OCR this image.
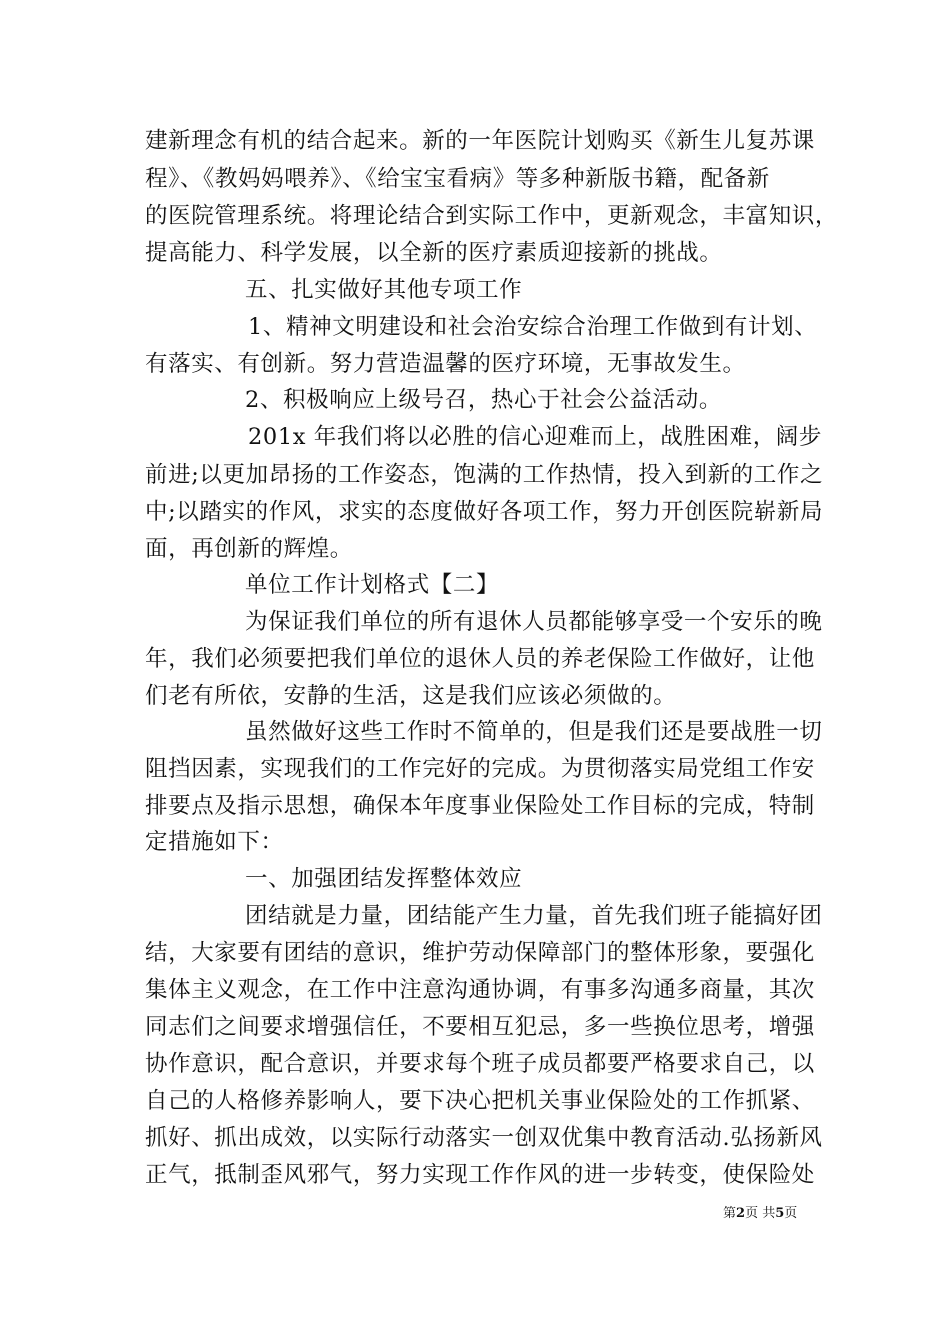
建新理念有机的结合起来。新的一年医院计划购买《新生儿复苏课
程》、《教妈妈喂养》、《给宝宝看病》等多种新版书籍，配备新
的医院管理系统。将理论结合到实际工作中，更新观念，丰富知识，
提高能力、科学发展，以全新的医疗素质迎接新的挑战。
五、扎实做好其他专项工作
1、精神文明建设和社会治安综合治理工作做到有计划、
有落实、有创新。努力营造温馨的医疗环境，无事故发生。
2、积极响应上级号召，热心于社会公益活动。
201x 年我们将以必胜的信心迎难而上，战胜困难，阔步
前进;以更加昂扬的工作姿态，饱满的工作热情，投入到新的工作之
中;以踏实的作风，求实的态度做好各项工作，努力开创医院崭新局
面，再创新的辉煌。
单位工作计划格式【二】
为保证我们单位的所有退休人员都能够享受一个安乐的晚
年，我们必须要把我们单位的退休人员的养老保险工作做好，让他
们老有所依，安静的生活，这是我们应该必须做的。
虽然做好这些工作时不简单的，但是我们还是要战胜一切
阻挡因素，实现我们的工作完好的完成。为贯彻落实局党组工作安
排要点及指示思想，确保本年度事业保险处工作目标的完成，特制
定措施如下：
一、加强团结发挥整体效应
团结就是力量，团结能产生力量，首先我们班子能搞好团
结，大家要有团结的意识，维护劳动保障部门的整体形象，要强化
集体主义观念，在工作中注意沟通协调，有事多沟通多商量，其次
同志们之间要求增强信任，不要相互犯忌，多一些换位思考，增强
协作意识，配合意识，并要求每个班子成员都要严格要求自己，以
自己的人格修养影响人，要下决心把机关事业保险处的工作抓紧、
抓好、抓出成效，以实际行动落实一创双优集中教育活动.弘扬新风
正气，抵制歪风邪气，努力实现工作作风的进一步转变，使保险处
第2页 共5页
